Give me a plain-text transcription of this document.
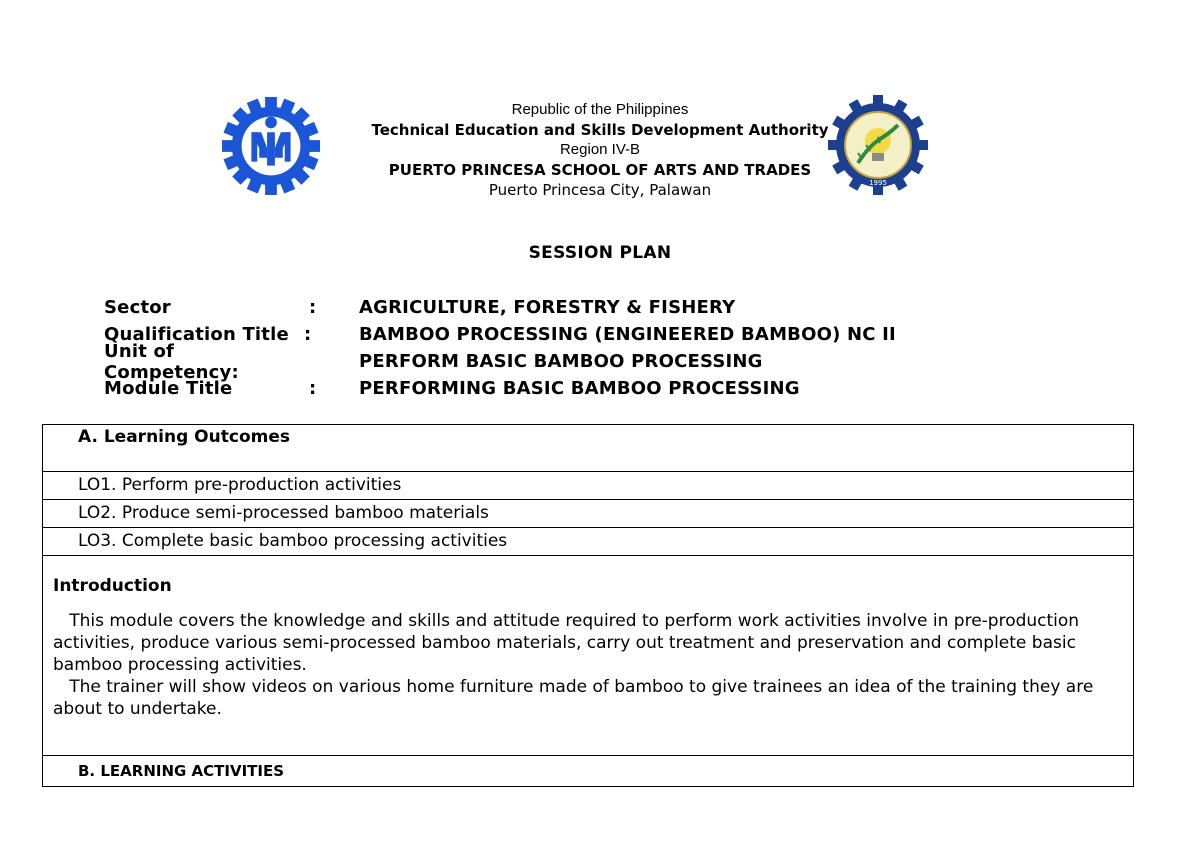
1995
Republic of the Philippines
Technical Education and Skills Development Authority
Region IV-B
PUERTO PRINCESA SCHOOL OF ARTS AND TRADES
Puerto Princesa City, Palawan
SESSION PLAN
Sector	: AGRICULTURE, FORESTRY & FISHERY
Qualification Title :	BAMBOO PROCESSING (ENGINEERED BAMBOO) NC II
Unit of Competency:	PERFORM BASIC BAMBOO PROCESSING
Module Title	: PERFORMING BASIC BAMBOO PROCESSING
A. Learning Outcomes
LO1. Perform pre-production activities
LO2. Produce semi-processed bamboo materials
LO3. Complete basic bamboo processing activities
Introduction

This module covers the knowledge and skills and attitude required to perform work activities involve in pre-production activities, produce various semi-processed bamboo materials, carry out treatment and preservation and complete basic bamboo processing activities.

The trainer will show videos on various home furniture made of bamboo to give trainees an idea of the training they are about to undertake.

B. LEARNING ACTIVITIES
